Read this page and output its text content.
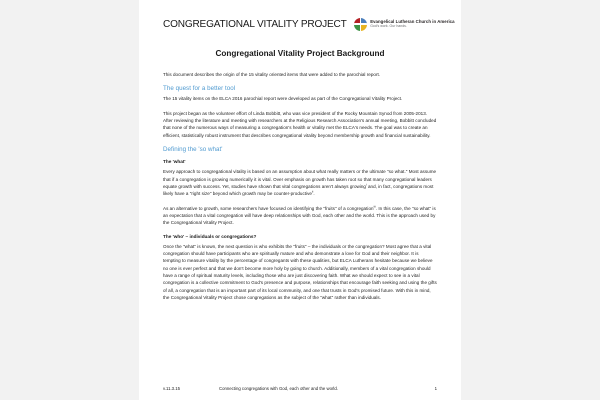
CONGREGATIONAL VITALITY PROJECT	Evangelical Lutheran Church in America
God's work. Our hands.
Congregational Vitality Project Background

This document describes the origin of the 15 vitality oriented items that were added to the parochial report.

The quest for a better tool

The 15 vitality items on the ELCA 2016 parochial report were developed as part of the Congregational Vitality Project.

This project began as the volunteer effort of Linda Bobbitt, who was vice president of the Rocky Mountain Synod from 2005-2013. After reviewing the literature and meeting with researchers at the Religious Research Association's annual meeting, Bobbitt concluded that none of the numerous ways of measuring a congregation's health or vitality met the ELCA's needs. The goal was to create an efficient, statistically robust instrument that describes congregational vitality beyond membership growth and financial sustainability.

Defining the 'so what'
The 'what'

Every approach to congregational vitality is based on an assumption about what really matters or the ultimate "so what." Most assume that if a congregation is growing numerically it is vital. Over emphasis on growth has taken root so that many congregational leaders equate growth with success. Yet, studies have shown that vital congregations aren't always growing$^i$ and, in fact, congregations most likely have a "right size" beyond which growth may be counter-productive$^{ii}$.

As an alternative to growth, some researchers have focused on identifying the "fruits" of a congregation$^{iii}$. In this case, the "so what" is an expectation that a vital congregation will have deep relationships with God, each other and the world. This is the approach used by the Congregational Vitality Project.

The 'who' – individuals or congregations?

Once the "what" is known, the next question is who exhibits the "fruits" – the individuals or the congregation? Most agree that a vital congregation should have participants who are spiritually mature and who demonstrate a love for God and their neighbor. It is tempting to measure vitality by the percentage of congregants with these qualities, but ELCA Lutherans hesitate because we believe no one is ever perfect and that we don't become more holy by going to church. Additionally, members of a vital congregation should have a range of spiritual maturity levels, including those who are just discovering faith. What we should expect to see in a vital congregation is a collective commitment to God's presence and purpose, relationships that encourage faith seeking and using the gifts of all, a congregation that is an important part of its local community, and one that trusts in God's promised future. With this in mind, the Congregational Vitality Project chose congregations as the subject of the "what" rather than individuals.

v.11.3.15	Connecting congregations with God, each other and the world.	1
